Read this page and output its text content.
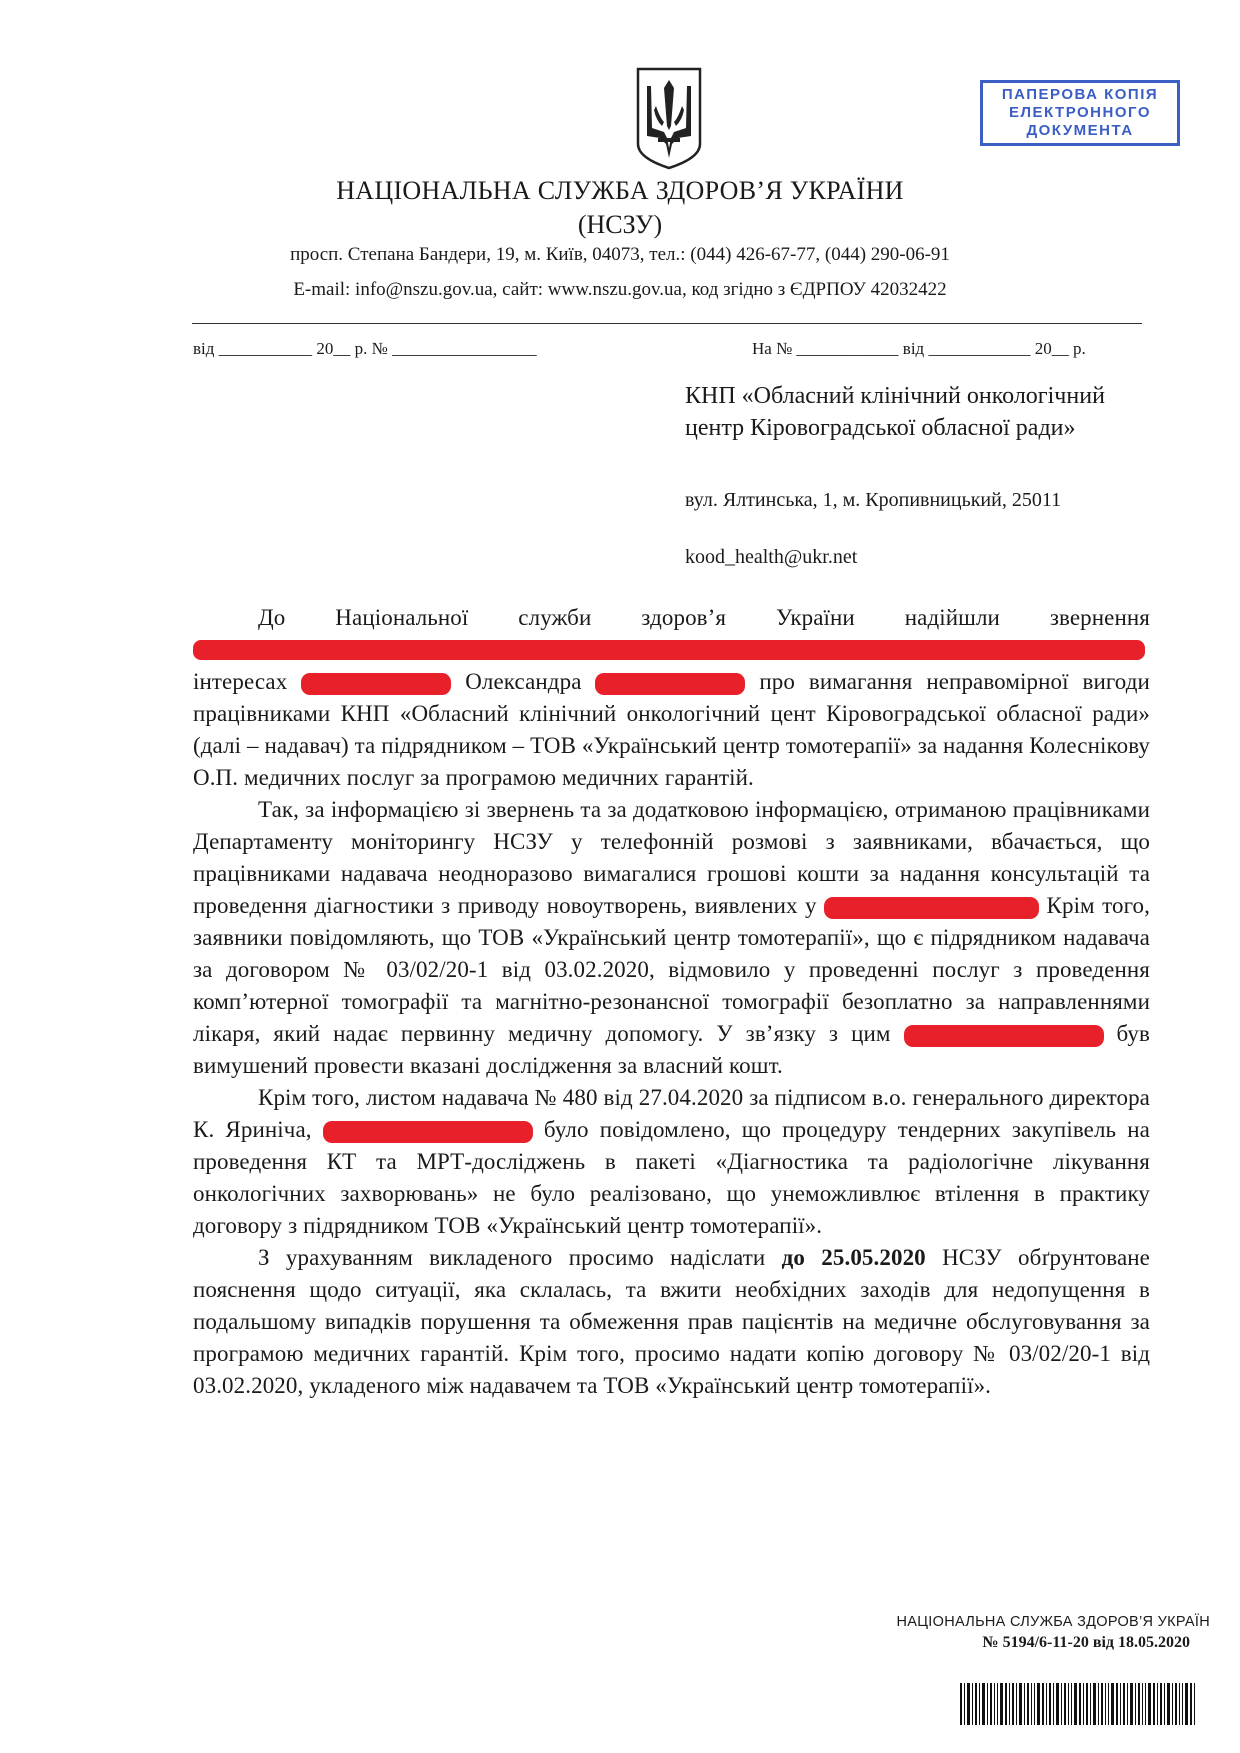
ПАПЕРОВА КОПІЯ
ЕЛЕКТРОННОГО
ДОКУМЕНТА
НАЦІОНАЛЬНА СЛУЖБА ЗДОРОВ’Я УКРАЇНИ
(НСЗУ)
просп. Степана Бандери, 19, м. Київ, 04073, тел.: (044) 426-67-77, (044) 290-06-91
E-mail: info@nszu.gov.ua, сайт: www.nszu.gov.ua, код згідно з ЄДРПОУ 42032422
від ___________ 20__ р. № _________________	На № ____________ від ____________ 20__ р.
КНП «Обласний клінічний онкологічний центр Кіровоградської обласної ради»
вул. Ялтинська, 1, м. Кропивницький, 25011
kood_health@ukr.net

До Національної служби здоров’я України надійшли звернення

інтересах	Олександра	про вимагання неправомірної вигоди працівниками КНП «Обласний клінічний онкологічний цент Кіровоградської обласної ради» (далі – надавач) та підрядником – ТОВ «Український центр томотерапії» за надання Колеснікову О.П. медичних послуг за програмою медичних гарантій.

Так, за інформацією зі звернень та за додатковою інформацією, отриманою працівниками Департаменту моніторингу НСЗУ у телефонній розмові з заявниками, вбачається, що працівниками надавача неодноразово вимагалися грошові кошти за надання консультацій та проведення діагностики з приводу новоутворень, виявлених у	Крім того, заявники повідомляють, що ТОВ «Український центр томотерапії», що є підрядником надавача за договором № 03/02/20-1 від 03.02.2020, відмовило у проведенні послуг з проведення комп’ютерної томографії та магнітно-резонансної томографії безоплатно за направленнями лікаря, який надає первинну медичну допомогу. У зв’язку з цим	був вимушений провести вказані дослідження за власний кошт.

Крім того, листом надавача № 480 від 27.04.2020 за підписом в.о. генерального директора К. Яриніча,	було повідомлено, що процедуру тендерних закупівель на проведення КТ та МРТ-досліджень в пакеті «Діагностика та радіологічне лікування онкологічних захворювань» не було реалізовано, що унеможливлює втілення в практику договору з підрядником ТОВ «Український центр томотерапії».

З урахуванням викладеного просимо надіслати до 25.05.2020 НСЗУ обґрунтоване пояснення щодо ситуації, яка склалась, та вжити необхідних заходів для недопущення в подальшому випадків порушення та обмеження прав пацієнтів на медичне обслуговування за програмою медичних гарантій. Крім того, просимо надати копію договору № 03/02/20-1 від 03.02.2020, укладеного між надавачем та ТОВ «Український центр томотерапії».

НАЦІОНАЛЬНА СЛУЖБА ЗДОРОВ’Я УКРАЇН
№ 5194/6-11-20 від 18.05.2020
